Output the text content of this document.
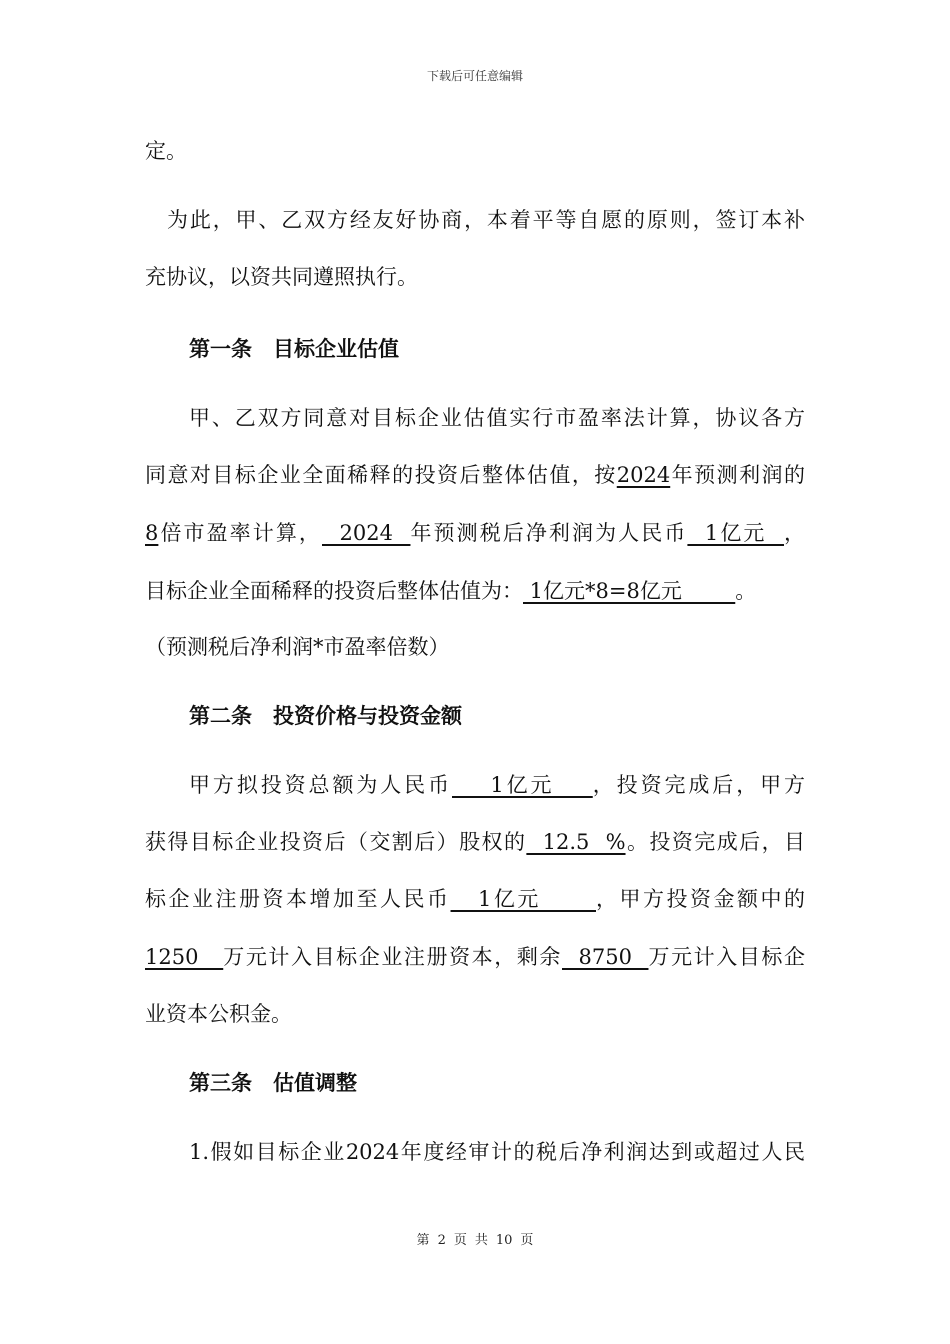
下载后可任意编辑
定。
为此，甲、乙双方经友好协商，本着平等自愿的原则，签订本补
充协议，以资共同遵照执行。
第一条　目标企业估值
甲、乙双方同意对目标企业估值实行市盈率法计算，协议各方
同意对目标企业全面稀释的投资后整体估值，按2024年预测利润的
8倍市盈率计算，  2024  年预测税后净利润为人民币  1亿元  ，
目标企业全面稀释的投资后整体估值为： 1亿元*8=8亿元        。
（预测税后净利润*市盈率倍数）
第二条　投资价格与投资金额
甲方拟投资总额为人民币    1亿元    ，投资完成后，甲方
获得目标企业投资后（交割后）股权的  12.5  %。投资完成后，目
标企业注册资本增加至人民币   1亿元      ，甲方投资金额中的
1250   万元计入目标企业注册资本，剩余  8750  万元计入目标企
业资本公积金。
第三条　估值调整
1.假如目标企业2024年度经审计的税后净利润达到或超过人民
第 2 页 共 10 页
